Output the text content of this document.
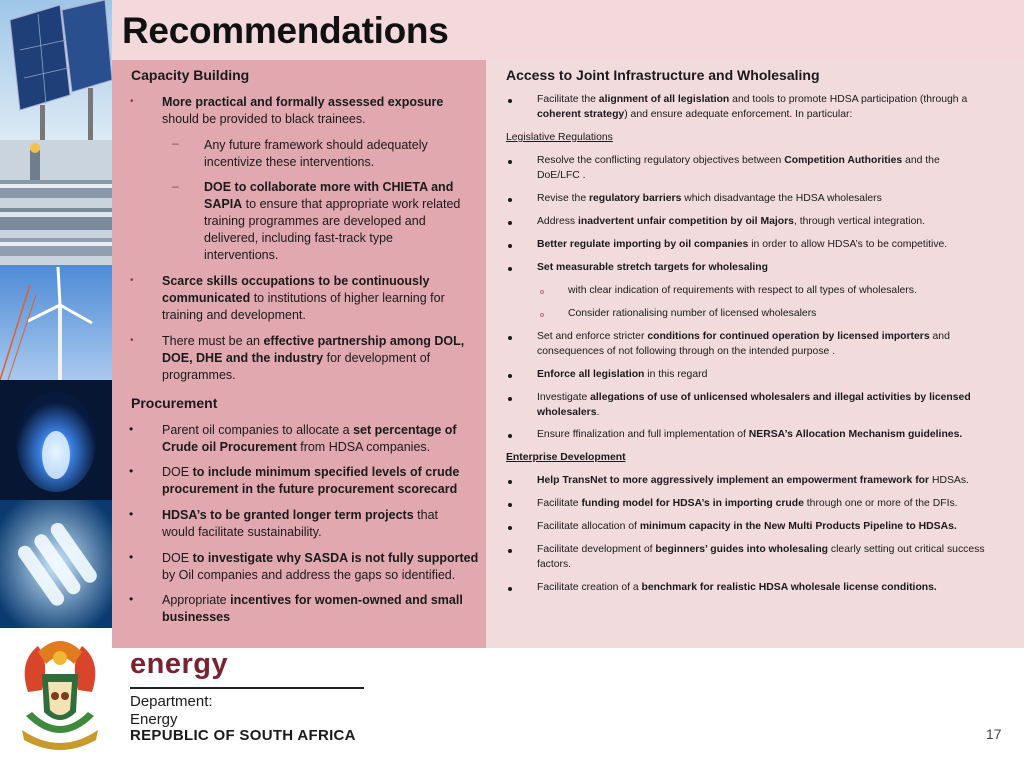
Recommendations
Capacity Building
• More practical and formally assessed exposure
should be provided to black trainees.
– Any future framework should adequately
incentivize these interventions.
– DOE to collaborate more with CHIETA and
SAPIA to ensure that appropriate work related
training programmes are developed and
delivered, including fast-track type
interventions.
• Scarce skills occupations to be continuously
communicated to institutions of higher learning for
training and development.
• There must be an effective partnership among DOL,
DOE, DHE and the industry for development of
programmes.
Procurement
• Parent oil companies to allocate a set percentage of
Crude oil Procurement from HDSA companies.
• DOE to include minimum specified levels of crude
procurement in the future procurement scorecard
• HDSA’s to be granted longer term projects that
would facilitate sustainability.
• DOE to investigate why SASDA is not fully supported
by Oil companies and address the gaps so identified.
• Appropriate incentives for women-owned and small
businesses
Access to Joint Infrastructure and Wholesaling
Facilitate the alignment of all legislation and tools to promote HDSA participation (through a
coherent strategy) and ensure adequate enforcement. In particular:
Legislative Regulations
Resolve the conflicting regulatory objectives between Competition Authorities and the
DoE/LFC .
Revise the regulatory barriers which disadvantage the HDSA wholesalers
Address inadvertent unfair competition by oil Majors, through vertical integration.
Better regulate importing by oil companies in order to allow HDSA’s to be competitive.
Set measurable stretch targets for wholesaling
with clear indication of requirements with respect to all types of wholesalers.
Consider rationalising number of licensed wholesalers
Set and enforce stricter conditions for continued operation by licensed importers and
consequences of not following through on the intended purpose .
Enforce all legislation in this regard
Investigate allegations of use of unlicensed wholesalers and illegal activities by licensed
wholesalers.
Ensure ffinalization and full implementation of NERSA’s Allocation Mechanism guidelines.
Enterprise Development
Help TransNet to more aggressively implement an empowerment framework for HDSAs.
Facilitate funding model for HDSA’s in importing crude through one or more of the DFIs.
Facilitate allocation of minimum capacity in the New Multi Products Pipeline to HDSAs.
Facilitate development of beginners’ guides into wholesaling clearly setting out critical success
factors.
Facilitate creation of a benchmark for realistic HDSA wholesale license conditions.
energy
Department:
Energy
REPUBLIC OF SOUTH AFRICA	17
